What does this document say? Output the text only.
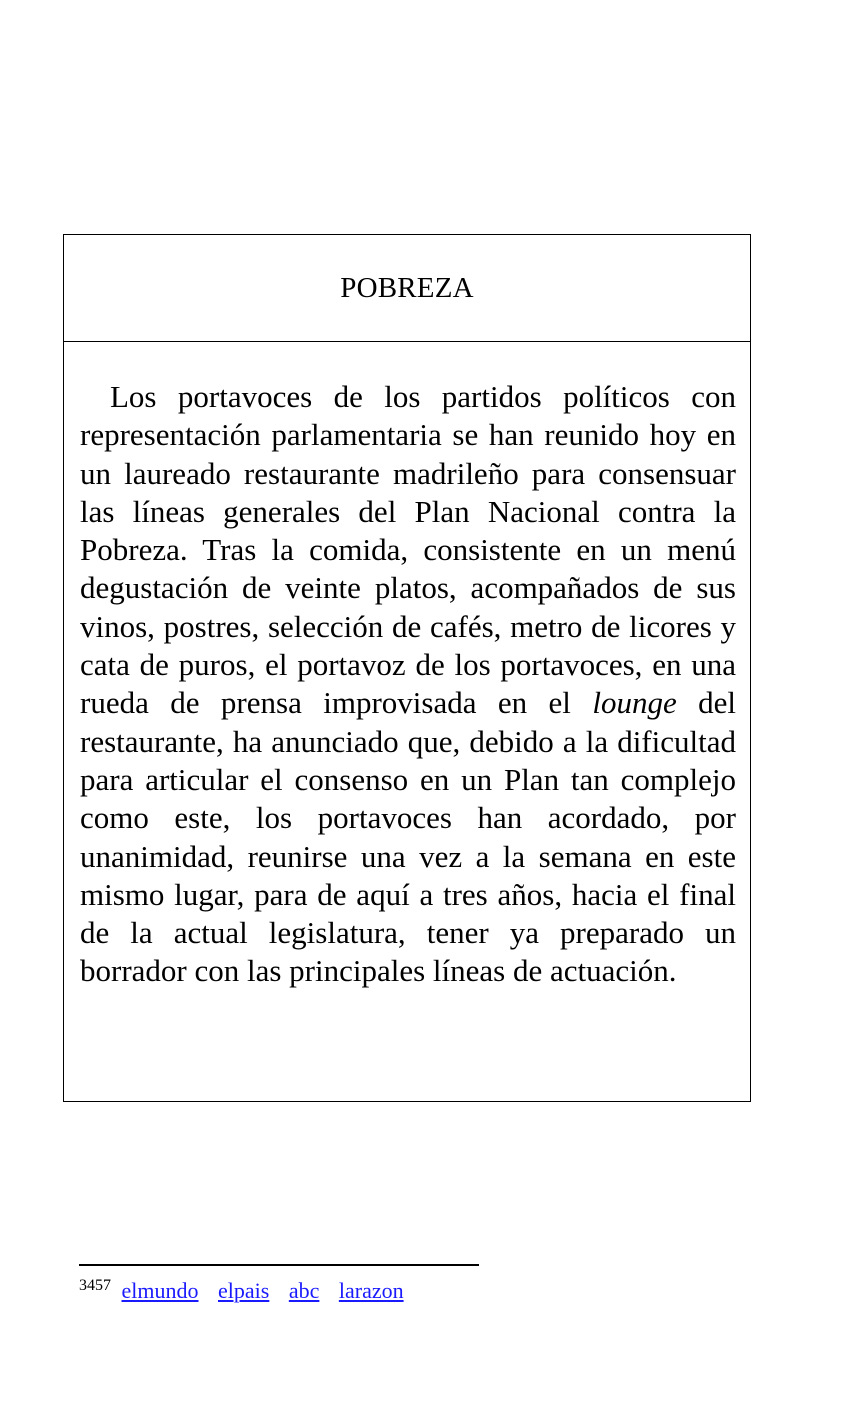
POBREZA

Los portavoces de los partidos políticos con representación parlamentaria se han reunido hoy en un laureado restaurante madrileño para consensuar las líneas generales del Plan Nacional contra la Pobreza. Tras la comida, consistente en un menú degustación de veinte platos, acompañados de sus vinos, postres, selección de cafés, metro de licores y cata de puros, el portavoz de los portavoces, en una rueda de prensa improvisada en el lounge del restaurante, ha anunciado que, debido a la dificultad para articular el consenso en un Plan tan complejo como este, los portavoces han acordado, por unanimidad, reunirse una vez a la semana en este mismo lugar, para de aquí a tres años, hacia el final de la actual legislatura, tener ya preparado un borrador con las principales líneas de actuación.

$^{3457}$ elmundo elpais abc larazon
